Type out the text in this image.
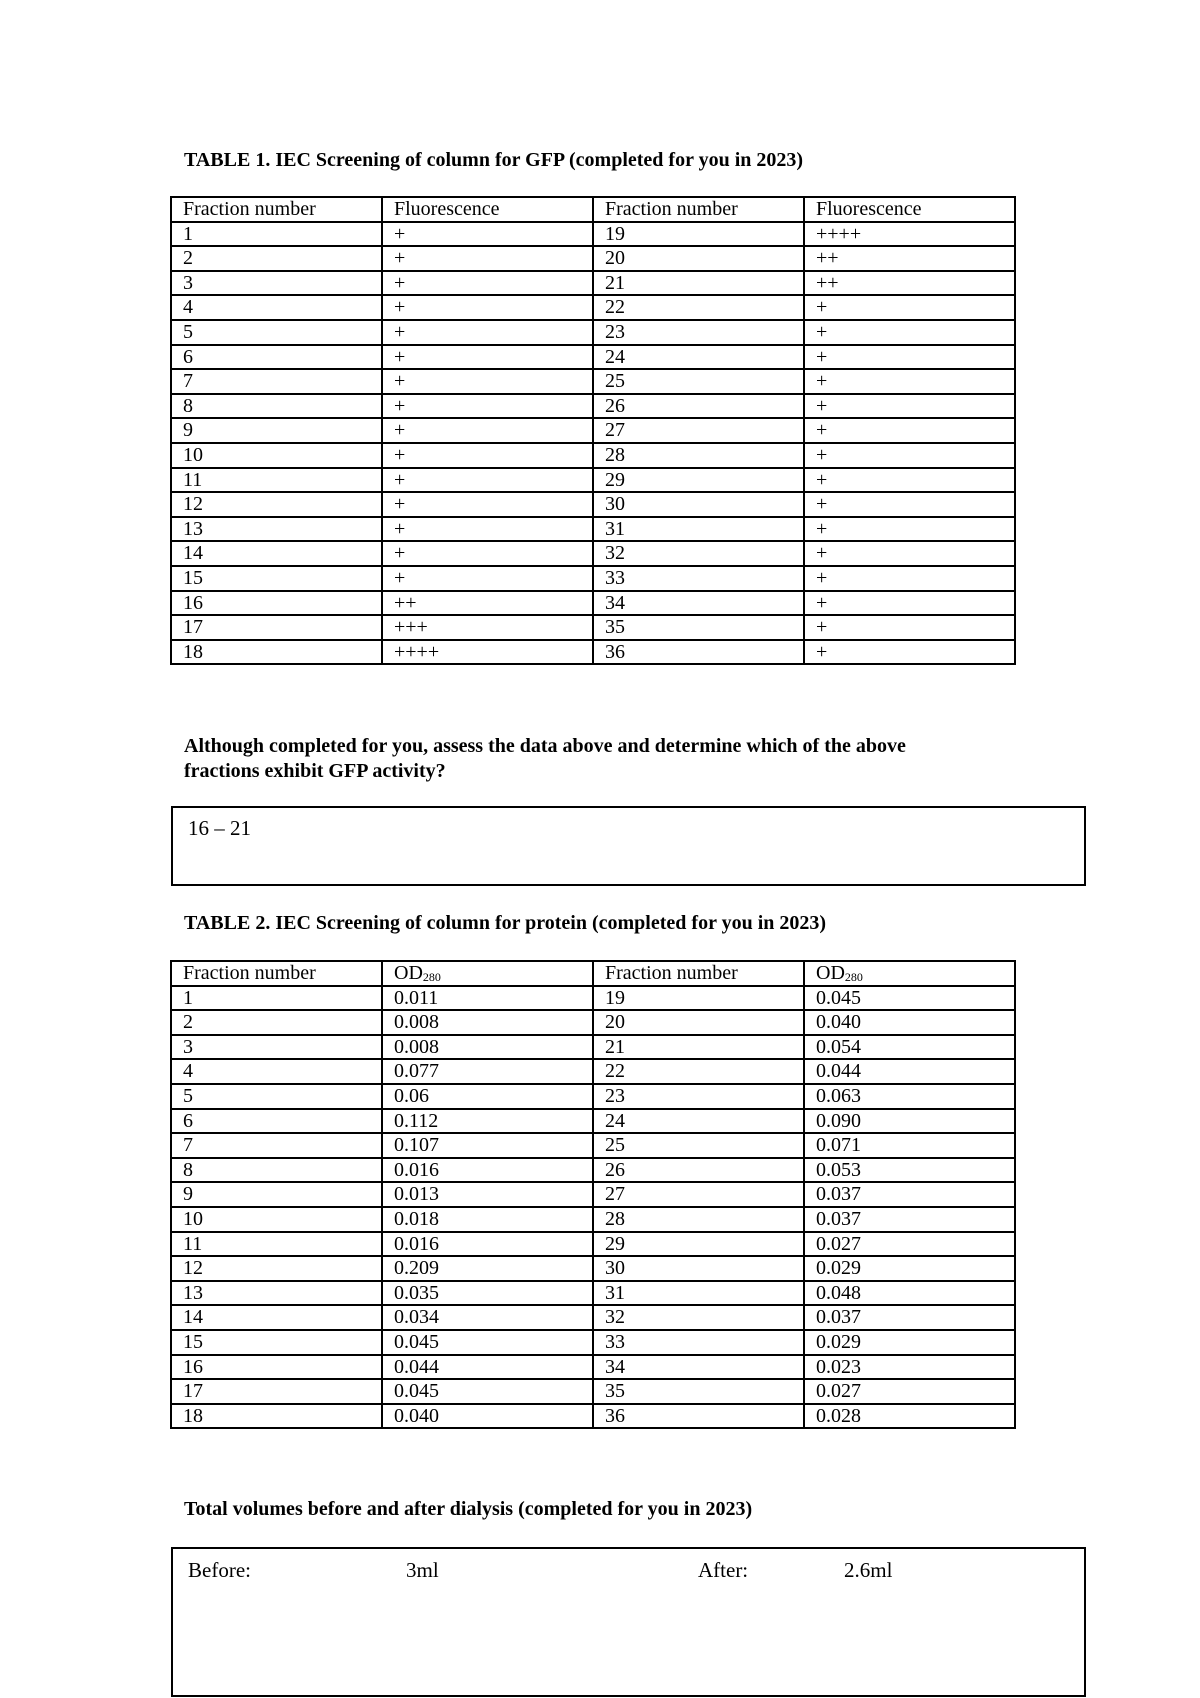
TABLE 1. IEC Screening of column for GFP (completed for you in 2023)

Fraction number	Fluorescence	Fraction number	Fluorescence
1	+	19	++++
2	+	20	++
3	+	21	++
4	+	22	+
5	+	23	+
6	+	24	+
7	+	25	+
8	+	26	+
9	+	27	+
10	+	28	+
11	+	29	+
12	+	30	+
13	+	31	+
14	+	32	+
15	+	33	+
16	++	34	+
17	+++	35	+
18	++++	36	+

Although completed for you, assess the data above and determine which of the above

fractions exhibit GFP activity?

16 – 21

TABLE 2. IEC Screening of column for protein (completed for you in 2023)

Fraction number	$OD_{280}$	Fraction number	$OD_{280}$
1	0.011	19	0.045
2	0.008	20	0.040
3	0.008	21	0.054
4	0.077	22	0.044
5	0.06	23	0.063
6	0.112	24	0.090
7	0.107	25	0.071
8	0.016	26	0.053
9	0.013	27	0.037
10	0.018	28	0.037
11	0.016	29	0.027
12	0.209	30	0.029
13	0.035	31	0.048
14	0.034	32	0.037
15	0.045	33	0.029
16	0.044	34	0.023
17	0.045	35	0.027
18	0.040	36	0.028

Total volumes before and after dialysis (completed for you in 2023)

Before:	3ml	After:	2.6ml
